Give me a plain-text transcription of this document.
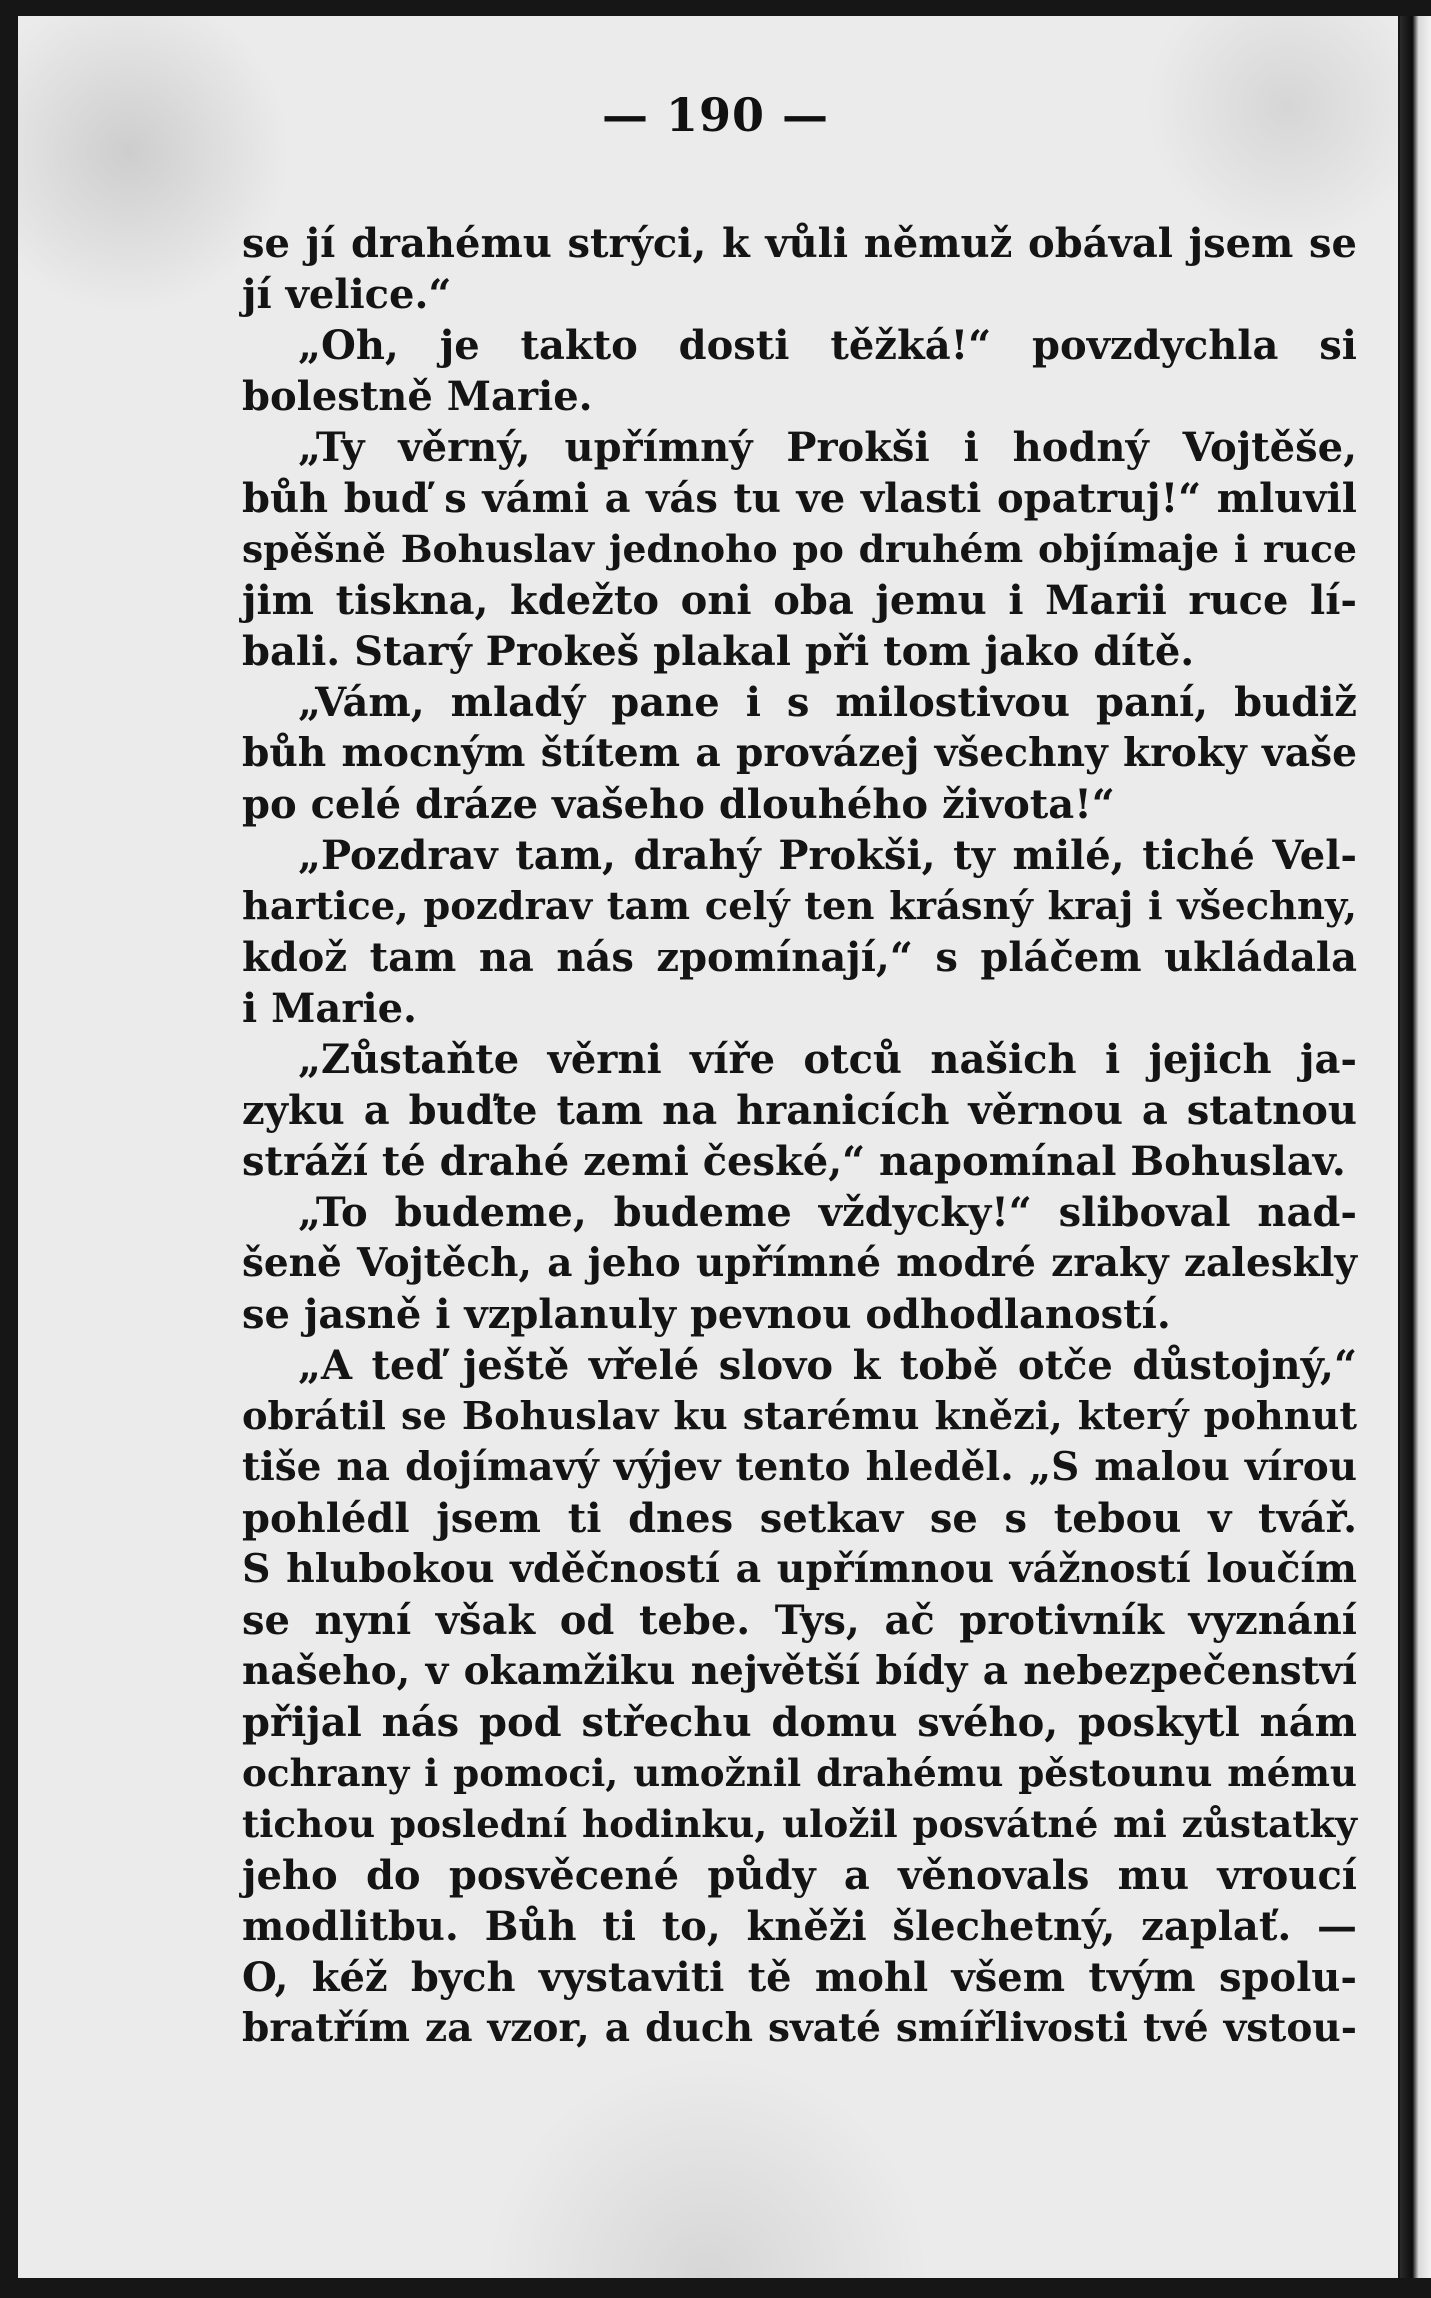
— 190 —
se jí drahému strýci, k vůli němuž obával jsem se
jí velice.“
„Oh, je takto dosti těžká!“ povzdychla si
bolestně Marie.
„Ty věrný, upřímný Prokši i hodný Vojtěše,
bůh buď s vámi a vás tu ve vlasti opatruj!“ mluvil
spěšně Bohuslav jednoho po druhém objímaje i ruce
jim tiskna, kdežto oni oba jemu i Marii ruce lí-
bali. Starý Prokeš plakal při tom jako dítě.
„Vám, mladý pane i s milostivou paní, budiž
bůh mocným štítem a provázej všechny kroky vaše
po celé dráze vašeho dlouhého života!“
„Pozdrav tam, drahý Prokši, ty milé, tiché Vel-
hartice, pozdrav tam celý ten krásný kraj i všechny,
kdož tam na nás zpomínají,“ s pláčem ukládala
i Marie.
„Zůstaňte věrni víře otců našich i jejich ja-
zyku a buďte tam na hranicích věrnou a statnou
stráží té drahé zemi české,“ napomínal Bohuslav.
„To budeme, budeme vždycky!“ sliboval nad-
šeně Vojtěch, a jeho upřímné modré zraky zaleskly
se jasně i vzplanuly pevnou odhodlaností.
„A teď ještě vřelé slovo k tobě otče důstojný,“
obrátil se Bohuslav ku starému knězi, který pohnut
tiše na dojímavý výjev tento hleděl. „S malou vírou
pohlédl jsem ti dnes setkav se s tebou v tvář.
S hlubokou vděčností a upřímnou vážností loučím
se nyní však od tebe. Tys, ač protivník vyznání
našeho, v okamžiku největší bídy a nebezpečenství
přijal nás pod střechu domu svého, poskytl nám
ochrany i pomoci, umožnil drahému pěstounu mému
tichou poslední hodinku, uložil posvátné mi zůstatky
jeho do posvěcené půdy a věnovals mu vroucí
modlitbu. Bůh ti to, kněži šlechetný, zaplať. —
O, kéž bych vystaviti tě mohl všem tvým spolu-
bratřím za vzor, a duch svaté smířlivosti tvé vstou-
